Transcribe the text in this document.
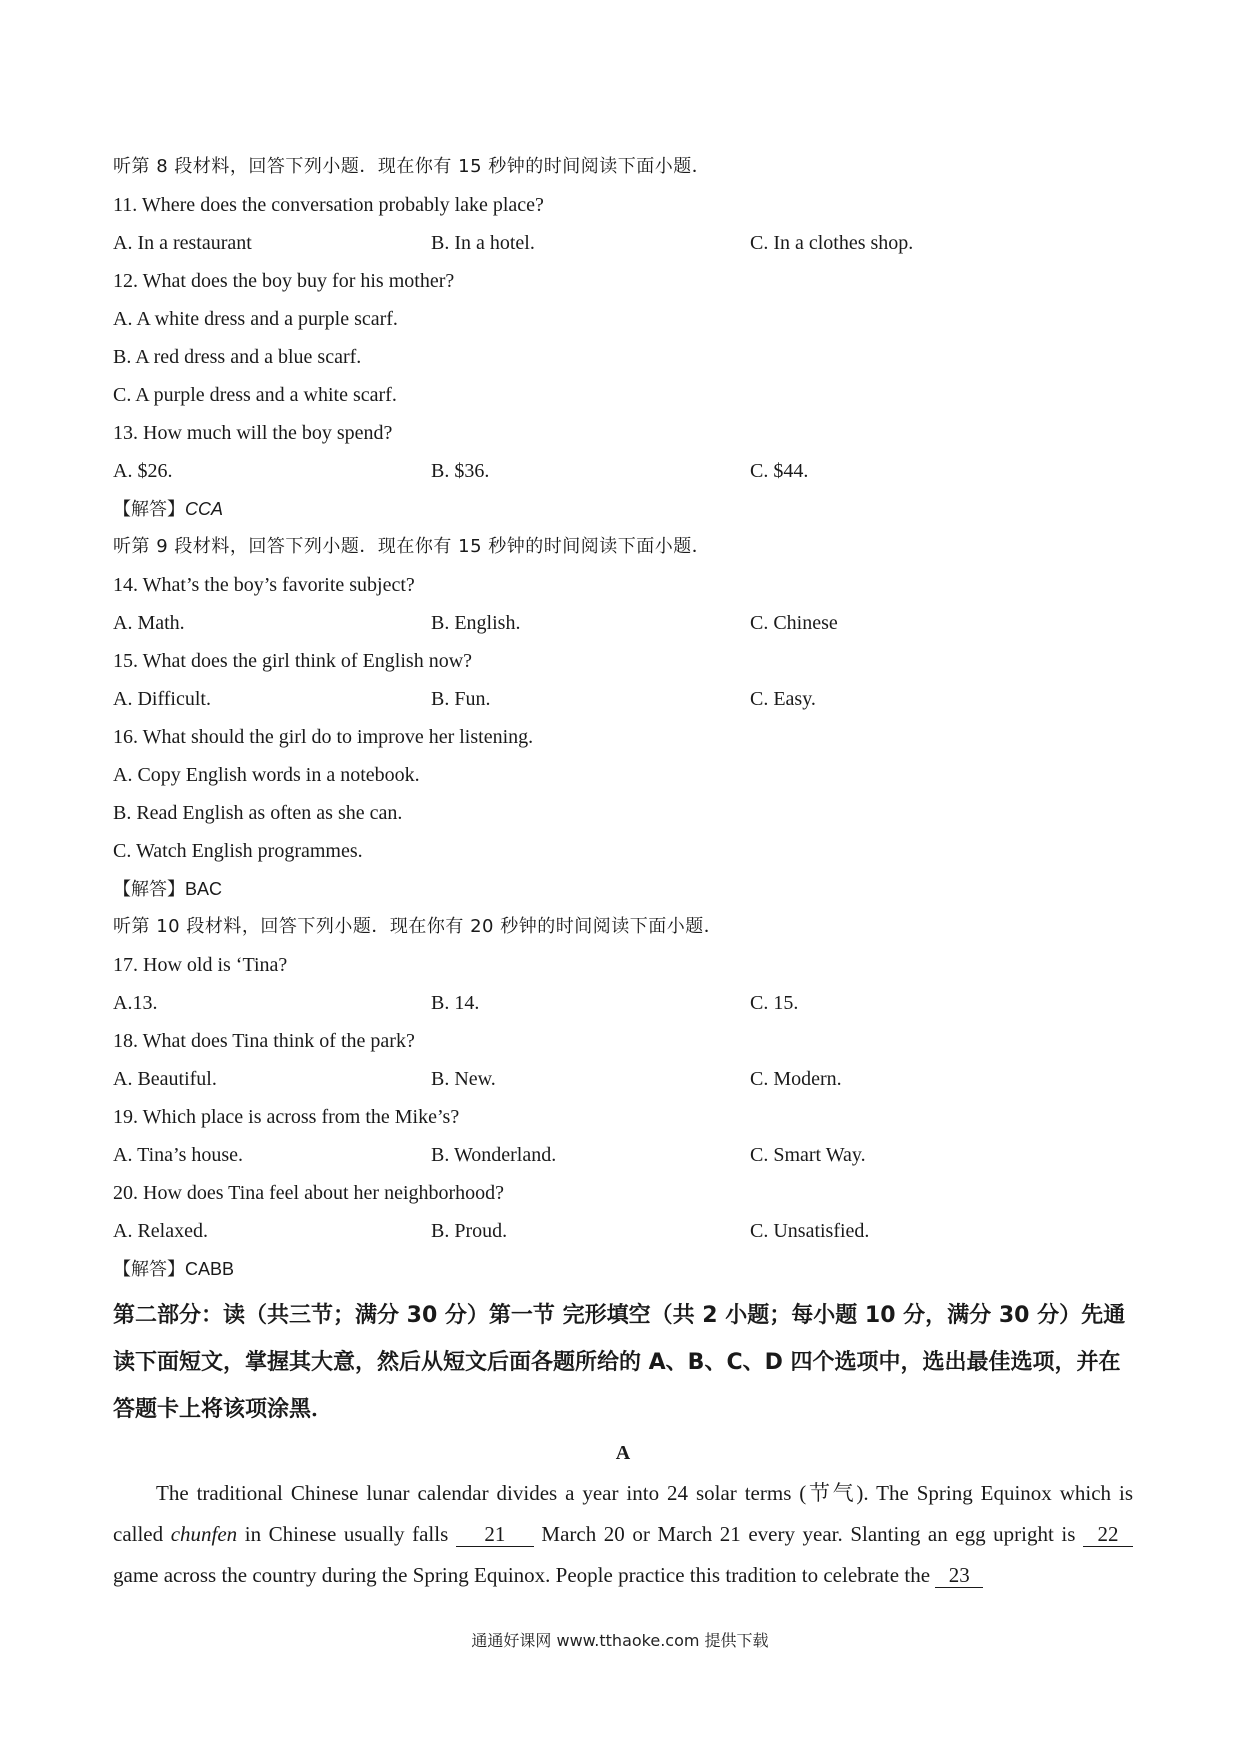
听第 8 段材料，回答下列小题．现在你有 15 秒钟的时间阅读下面小题．
11. Where does the conversation probably lake place?
A. In a restaurant	B. In a hotel.	C. In a clothes shop.
12. What does the boy buy for his mother?
A. A white dress and a purple scarf.
B. A red dress and a blue scarf.
C. A purple dress and a white scarf.
13. How much will the boy spend?
A. $26.	B. $36.	C. $44.
【解答】CCA
听第 9 段材料，回答下列小题．现在你有 15 秒钟的时间阅读下面小题．
14. What’s the boy’s favorite subject?
A. Math.	B. English.	C. Chinese
15. What does the girl think of English now?
A. Difficult.	B. Fun.	C. Easy.
16. What should the girl do to improve her listening.
A. Copy English words in a notebook.
B. Read English as often as she can.
C. Watch English programmes.
【解答】BAC
听第 10 段材料，回答下列小题．现在你有 20 秒钟的时间阅读下面小题．
17. How old is ‘Tina?
A.13.	B. 14.	C. 15.
18. What does Tina think of the park?
A. Beautiful.	B. New.	C. Modern.
19. Which place is across from the Mike’s?
A. Tina’s house.	B. Wonderland.	C. Smart Way.
20. How does Tina feel about her neighborhood?
A. Relaxed.	B. Proud.	C. Unsatisfied.
【解答】CABB
第二部分：读（共三节；满分 30 分）第一节 完形填空（共 2 小题；每小题 10 分，满分 30 分）先通读下面短文，掌握其大意，然后从短文后面各题所给的 A、B、C、D 四个选项中，选出最佳选项，并在答题卡上将该项涂黑．
A
The traditional Chinese lunar calendar divides a year into 24 solar terms (节气). The Spring Equinox which is called chunfen in Chinese usually falls 21 March 20 or March 21 every year. Slanting an egg upright is 22 game across the country during the Spring Equinox. People practice this tradition to celebrate the 23
通通好课网 www.tthaoke.com 提供下载
